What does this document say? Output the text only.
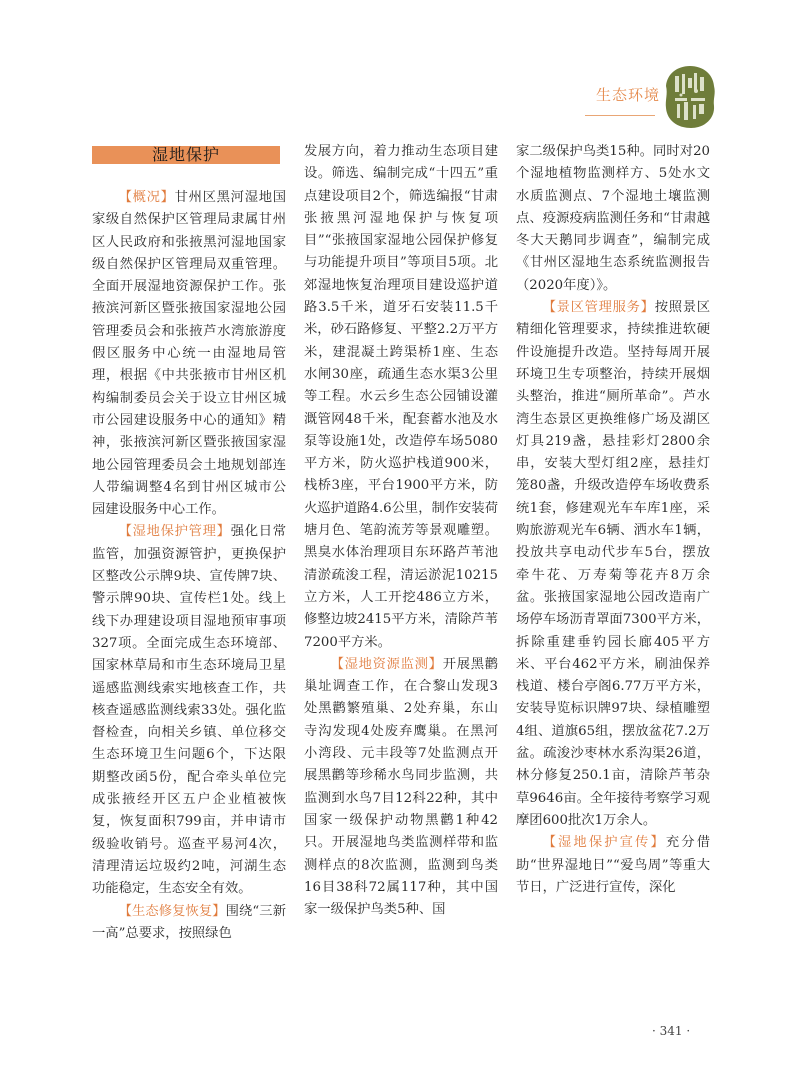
生态环境
湿地保护

【概况】甘州区黑河湿地国家级自然保护区管理局隶属甘州区人民政府和张掖黑河湿地国家级自然保护区管理局双重管理。全面开展湿地资源保护工作。张掖滨河新区暨张掖国家湿地公园管理委员会和张掖芦水湾旅游度假区服务中心统一由湿地局管理，根据《中共张掖市甘州区机构编制委员会关于设立甘州区城市公园建设服务中心的通知》精神，张掖滨河新区暨张掖国家湿地公园管理委员会土地规划部连人带编调整4名到甘州区城市公园建设服务中心工作。

【湿地保护管理】强化日常监管，加强资源管护，更换保护区整改公示牌9块、宣传牌7块、警示牌90块、宣传栏1处。线上线下办理建设项目湿地预审事项327项。全面完成生态环境部、国家林草局和市生态环境局卫星遥感监测线索实地核查工作，共核查遥感监测线索33处。强化监督检查，向相关乡镇、单位移交生态环境卫生问题6个，下达限期整改函5份，配合牵头单位完成张掖经开区五户企业植被恢复，恢复面积799亩，并申请市级验收销号。巡查平易河4次，清理清运垃圾约2吨，河湖生态功能稳定，生态安全有效。

【生态修复恢复】围绕“三新一高”总要求，按照绿色

发展方向，着力推动生态项目建设。筛选、编制完成“十四五”重点建设项目2个，筛选编报“甘肃张掖黑河湿地保护与恢复项目”“张掖国家湿地公园保护修复与功能提升项目”等项目5项。北郊湿地恢复治理项目建设巡护道路3.5千米，道牙石安装11.5千米，砂石路修复、平整2.2万平方米，建混凝土跨渠桥1座、生态水闸30座，疏通生态水渠3公里等工程。水云乡生态公园铺设灌溉管网48千米，配套蓄水池及水泵等设施1处，改造停车场5080平方米，防火巡护栈道900米，栈桥3座，平台1900平方米，防火巡护道路4.6公里，制作安装荷塘月色、笔韵流芳等景观雕塑。黑臭水体治理项目东环路芦苇池清淤疏浚工程，清运淤泥10215立方米，人工开挖486立方米，修整边坡2415平方米，清除芦苇7200平方米。

【湿地资源监测】开展黑鹳巢址调查工作，在合黎山发现3处黑鹳繁殖巢、2处弃巢，东山寺沟发现4处废弃鹰巢。在黑河小湾段、元丰段等7处监测点开展黑鹳等珍稀水鸟同步监测，共监测到水鸟7目12科22种，其中国家一级保护动物黑鹳1种42只。开展湿地鸟类监测样带和监测样点的8次监测，监测到鸟类16目38科72属117种，其中国家一级保护鸟类5种、国

家二级保护鸟类15种。同时对20个湿地植物监测样方、5处水文水质监测点、7个湿地土壤监测点、疫源疫病监测任务和“甘肃越冬大天鹅同步调查”，编制完成《甘州区湿地生态系统监测报告（2020年度）》。

【景区管理服务】按照景区精细化管理要求，持续推进软硬件设施提升改造。坚持每周开展环境卫生专项整治，持续开展烟头整治，推进“厕所革命”。芦水湾生态景区更换维修广场及湖区灯具219盏，悬挂彩灯2800余串，安装大型灯组2座，悬挂灯笼80盏，升级改造停车场收费系统1套，修建观光车车库1座，采购旅游观光车6辆、洒水车1辆，投放共享电动代步车5台，摆放牵牛花、万寿菊等花卉8万余盆。张掖国家湿地公园改造南广场停车场沥青罩面7300平方米，拆除重建垂钓园长廊405平方米、平台462平方米，刷油保养栈道、楼台亭阁6.77万平方米，安装导览标识牌97块、绿植雕塑4组、道旗65组，摆放盆花7.2万盆。疏浚沙枣林水系沟渠26道，林分修复250.1亩，清除芦苇杂草9646亩。全年接待考察学习观摩团600批次1万余人。

【湿地保护宣传】充分借助“世界湿地日”“爱鸟周”等重大节日，广泛进行宣传，深化

· 341 ·
